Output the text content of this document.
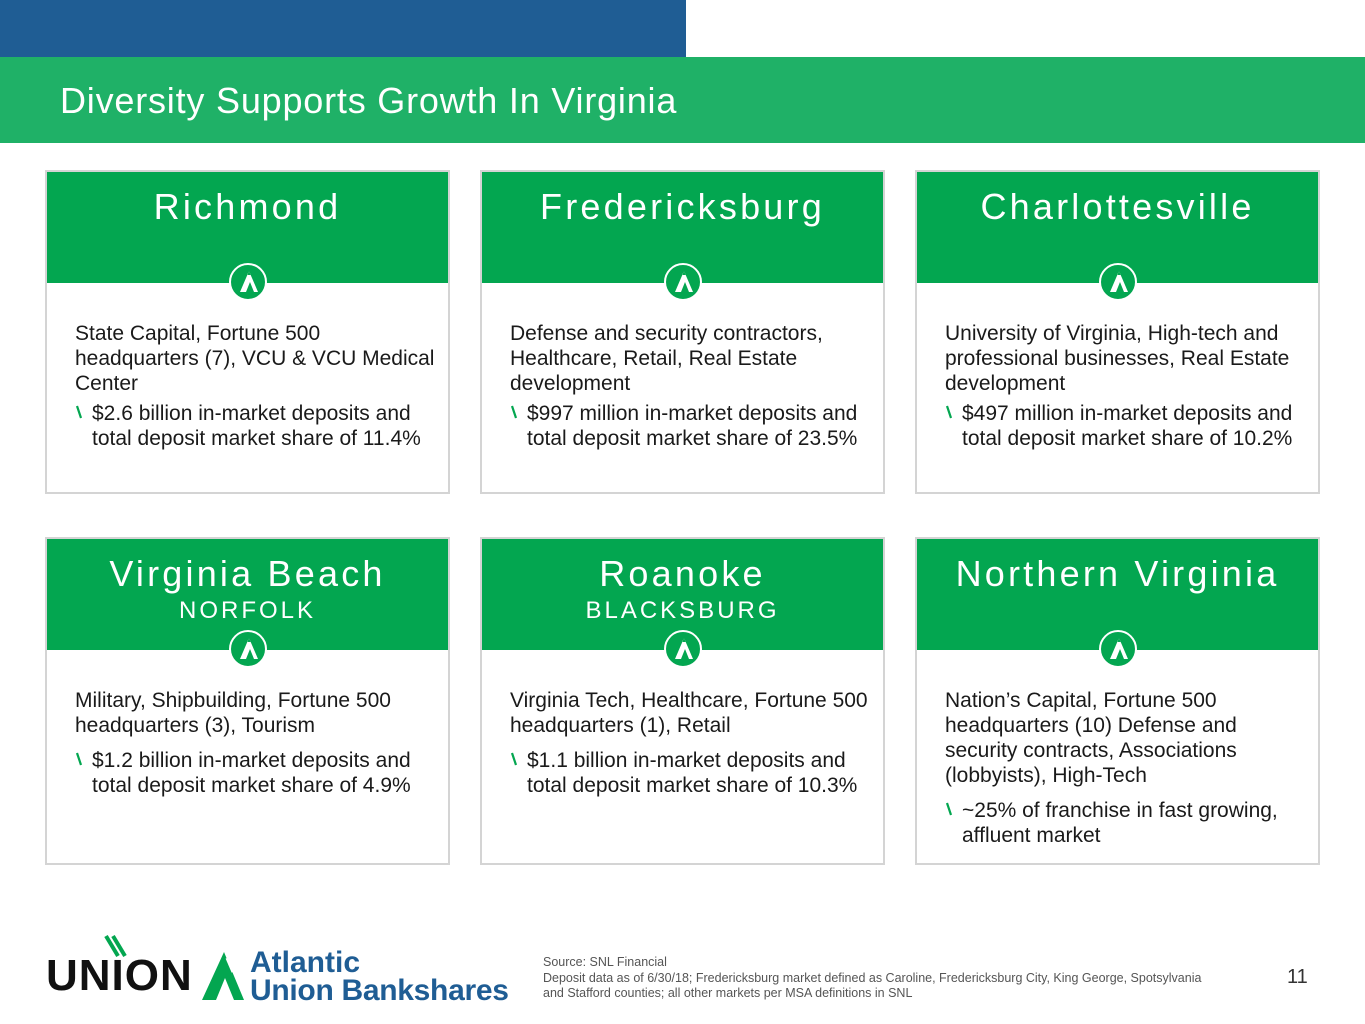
Diversity Supports Growth In Virginia
Richmond

State Capital, Fortune 500 headquarters (7), VCU & VCU Medical Center

$2.6 billion in-market deposits and total deposit market share of 11.4%
Fredericksburg

Defense and security contractors, Healthcare, Retail, Real Estate development

$997 million in-market deposits and total deposit market share of 23.5%
Charlottesville

University of Virginia, High-tech and professional businesses, Real Estate development

$497 million in-market deposits and total deposit market share of 10.2%
Virginia Beach
NORFOLK

Military, Shipbuilding, Fortune 500 headquarters (3), Tourism

$1.2 billion in-market deposits and total deposit market share of 4.9%
Roanoke
BLACKSBURG

Virginia Tech, Healthcare, Fortune 500 headquarters (1), Retail

$1.1 billion in-market deposits and total deposit market share of 10.3%
Northern Virginia

Nation’s Capital, Fortune 500 headquarters (10) Defense and security contracts, Associations (lobbyists), High-Tech

~25% of franchise in fast growing, affluent market
UNION Atlantic
Union Bankshares
Source: SNL Financial
Deposit data as of 6/30/18; Fredericksburg market defined as Caroline, Fredericksburg City, King George, Spotsylvania
and Stafford counties; all other markets per MSA definitions in SNL
11
